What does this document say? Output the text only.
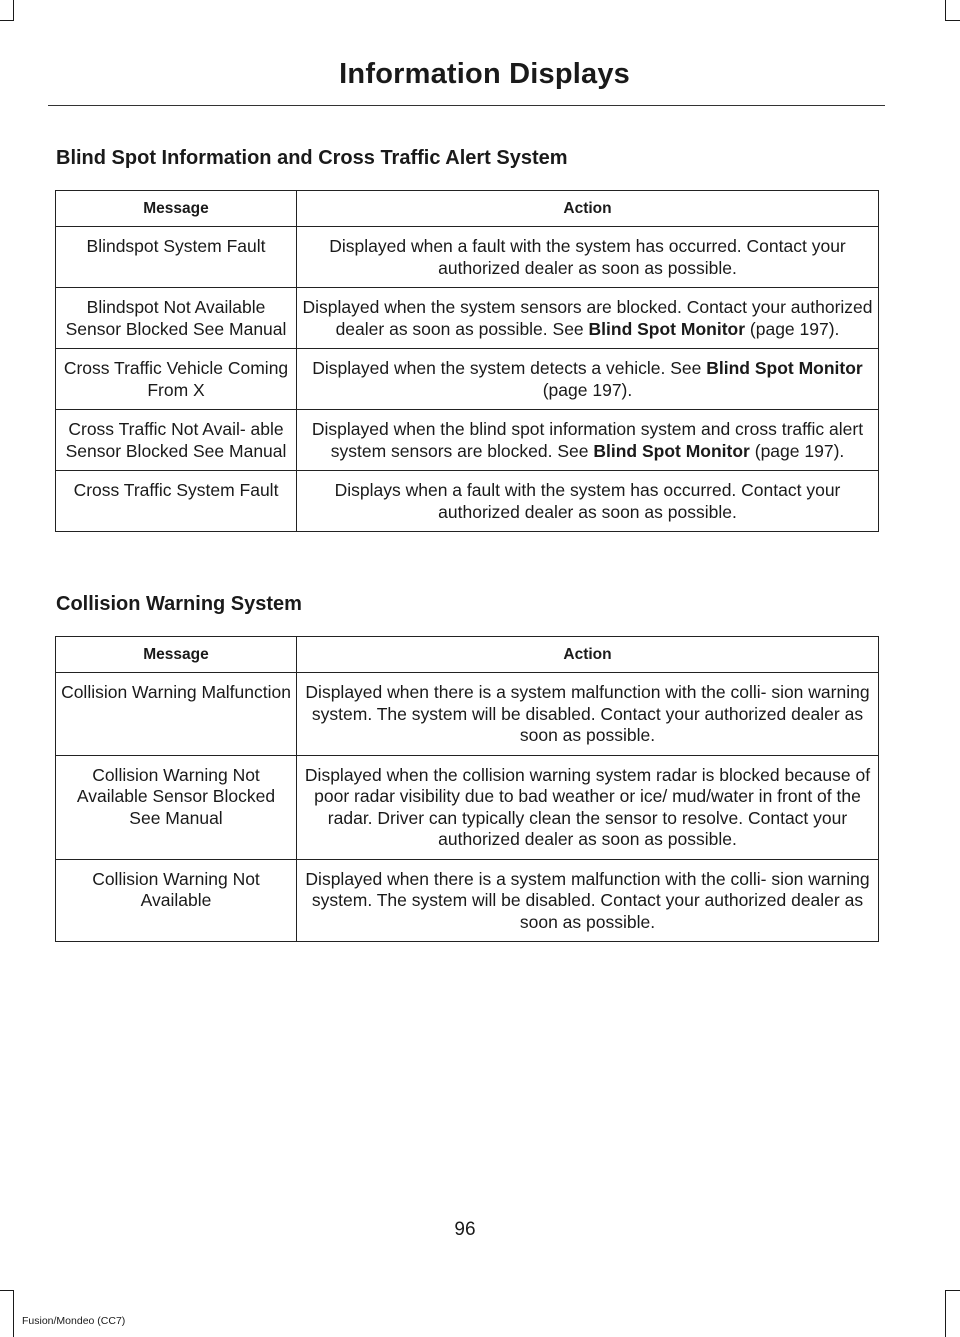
Information Displays
Blind Spot Information and Cross Traffic Alert System
Message	Action
Blindspot System Fault	Displayed when a fault with the system has occurred. Contact your authorized dealer as soon as possible.
Blindspot Not Available Sensor Blocked See Manual	Displayed when the system sensors are blocked. Contact your authorized dealer as soon as possible. See Blind Spot Monitor (page 197).
Cross Traffic Vehicle Coming From X	Displayed when the system detects a vehicle. See Blind Spot Monitor (page 197).
Cross Traffic Not Avail- able Sensor Blocked See Manual	Displayed when the blind spot information system and cross traffic alert system sensors are blocked. See Blind Spot Monitor (page 197).
Cross Traffic System Fault	Displays when a fault with the system has occurred. Contact your authorized dealer as soon as possible.
Collision Warning System
Message	Action
Collision Warning Malfunction	Displayed when there is a system malfunction with the colli- sion warning system. The system will be disabled. Contact your authorized dealer as soon as possible.
Collision Warning Not Available Sensor Blocked See Manual	Displayed when the collision warning system radar is blocked because of poor radar visibility due to bad weather or ice/ mud/water in front of the radar. Driver can typically clean the sensor to resolve. Contact your authorized dealer as soon as possible.
Collision Warning Not Available	Displayed when there is a system malfunction with the colli- sion warning system. The system will be disabled. Contact your authorized dealer as soon as possible.
96
Fusion/Mondeo (CC7)
